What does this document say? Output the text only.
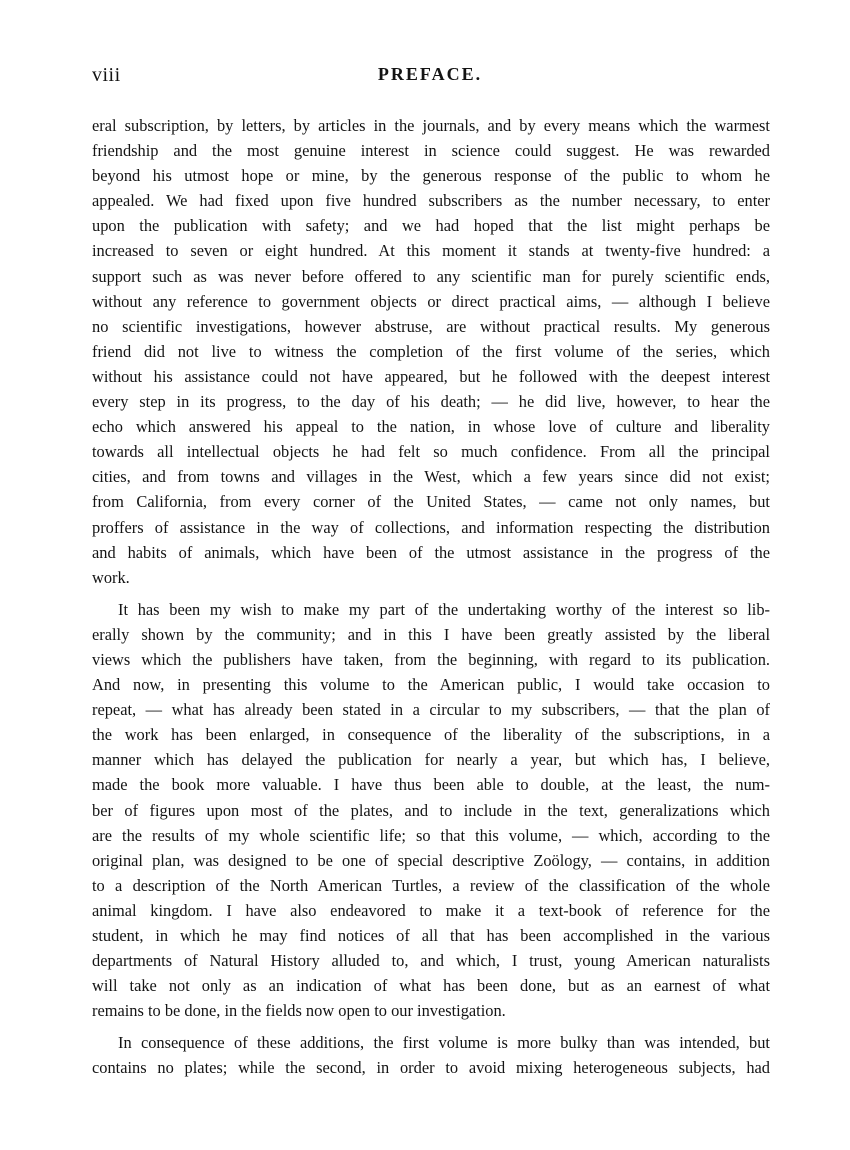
viii	PREFACE.
eral subscription, by letters, by articles in the journals, and by every means which the warmest
friendship and the most genuine interest in science could suggest. He was rewarded
beyond his utmost hope or mine, by the generous response of the public to whom he
appealed. We had fixed upon five hundred subscribers as the number necessary, to enter
upon the publication with safety; and we had hoped that the list might perhaps be
increased to seven or eight hundred. At this moment it stands at twenty-five hundred: a
support such as was never before offered to any scientific man for purely scientific ends,
without any reference to government objects or direct practical aims, — although I believe
no scientific investigations, however abstruse, are without practical results. My generous
friend did not live to witness the completion of the first volume of the series, which
without his assistance could not have appeared, but he followed with the deepest interest
every step in its progress, to the day of his death; — he did live, however, to hear the
echo which answered his appeal to the nation, in whose love of culture and liberality
towards all intellectual objects he had felt so much confidence. From all the principal
cities, and from towns and villages in the West, which a few years since did not exist;
from California, from every corner of the United States, — came not only names, but
proffers of assistance in the way of collections, and information respecting the distribution
and habits of animals, which have been of the utmost assistance in the progress of the
work.
It has been my wish to make my part of the undertaking worthy of the interest so lib-
erally shown by the community; and in this I have been greatly assisted by the liberal
views which the publishers have taken, from the beginning, with regard to its publication.
And now, in presenting this volume to the American public, I would take occasion to
repeat, — what has already been stated in a circular to my subscribers, — that the plan of
the work has been enlarged, in consequence of the liberality of the subscriptions, in a
manner which has delayed the publication for nearly a year, but which has, I believe,
made the book more valuable. I have thus been able to double, at the least, the num-
ber of figures upon most of the plates, and to include in the text, generalizations which
are the results of my whole scientific life; so that this volume, — which, according to the
original plan, was designed to be one of special descriptive Zoölogy, — contains, in addition
to a description of the North American Turtles, a review of the classification of the whole
animal kingdom. I have also endeavored to make it a text-book of reference for the
student, in which he may find notices of all that has been accomplished in the various
departments of Natural History alluded to, and which, I trust, young American naturalists
will take not only as an indication of what has been done, but as an earnest of what
remains to be done, in the fields now open to our investigation.
In consequence of these additions, the first volume is more bulky than was intended, but
contains no plates; while the second, in order to avoid mixing heterogeneous subjects, had
